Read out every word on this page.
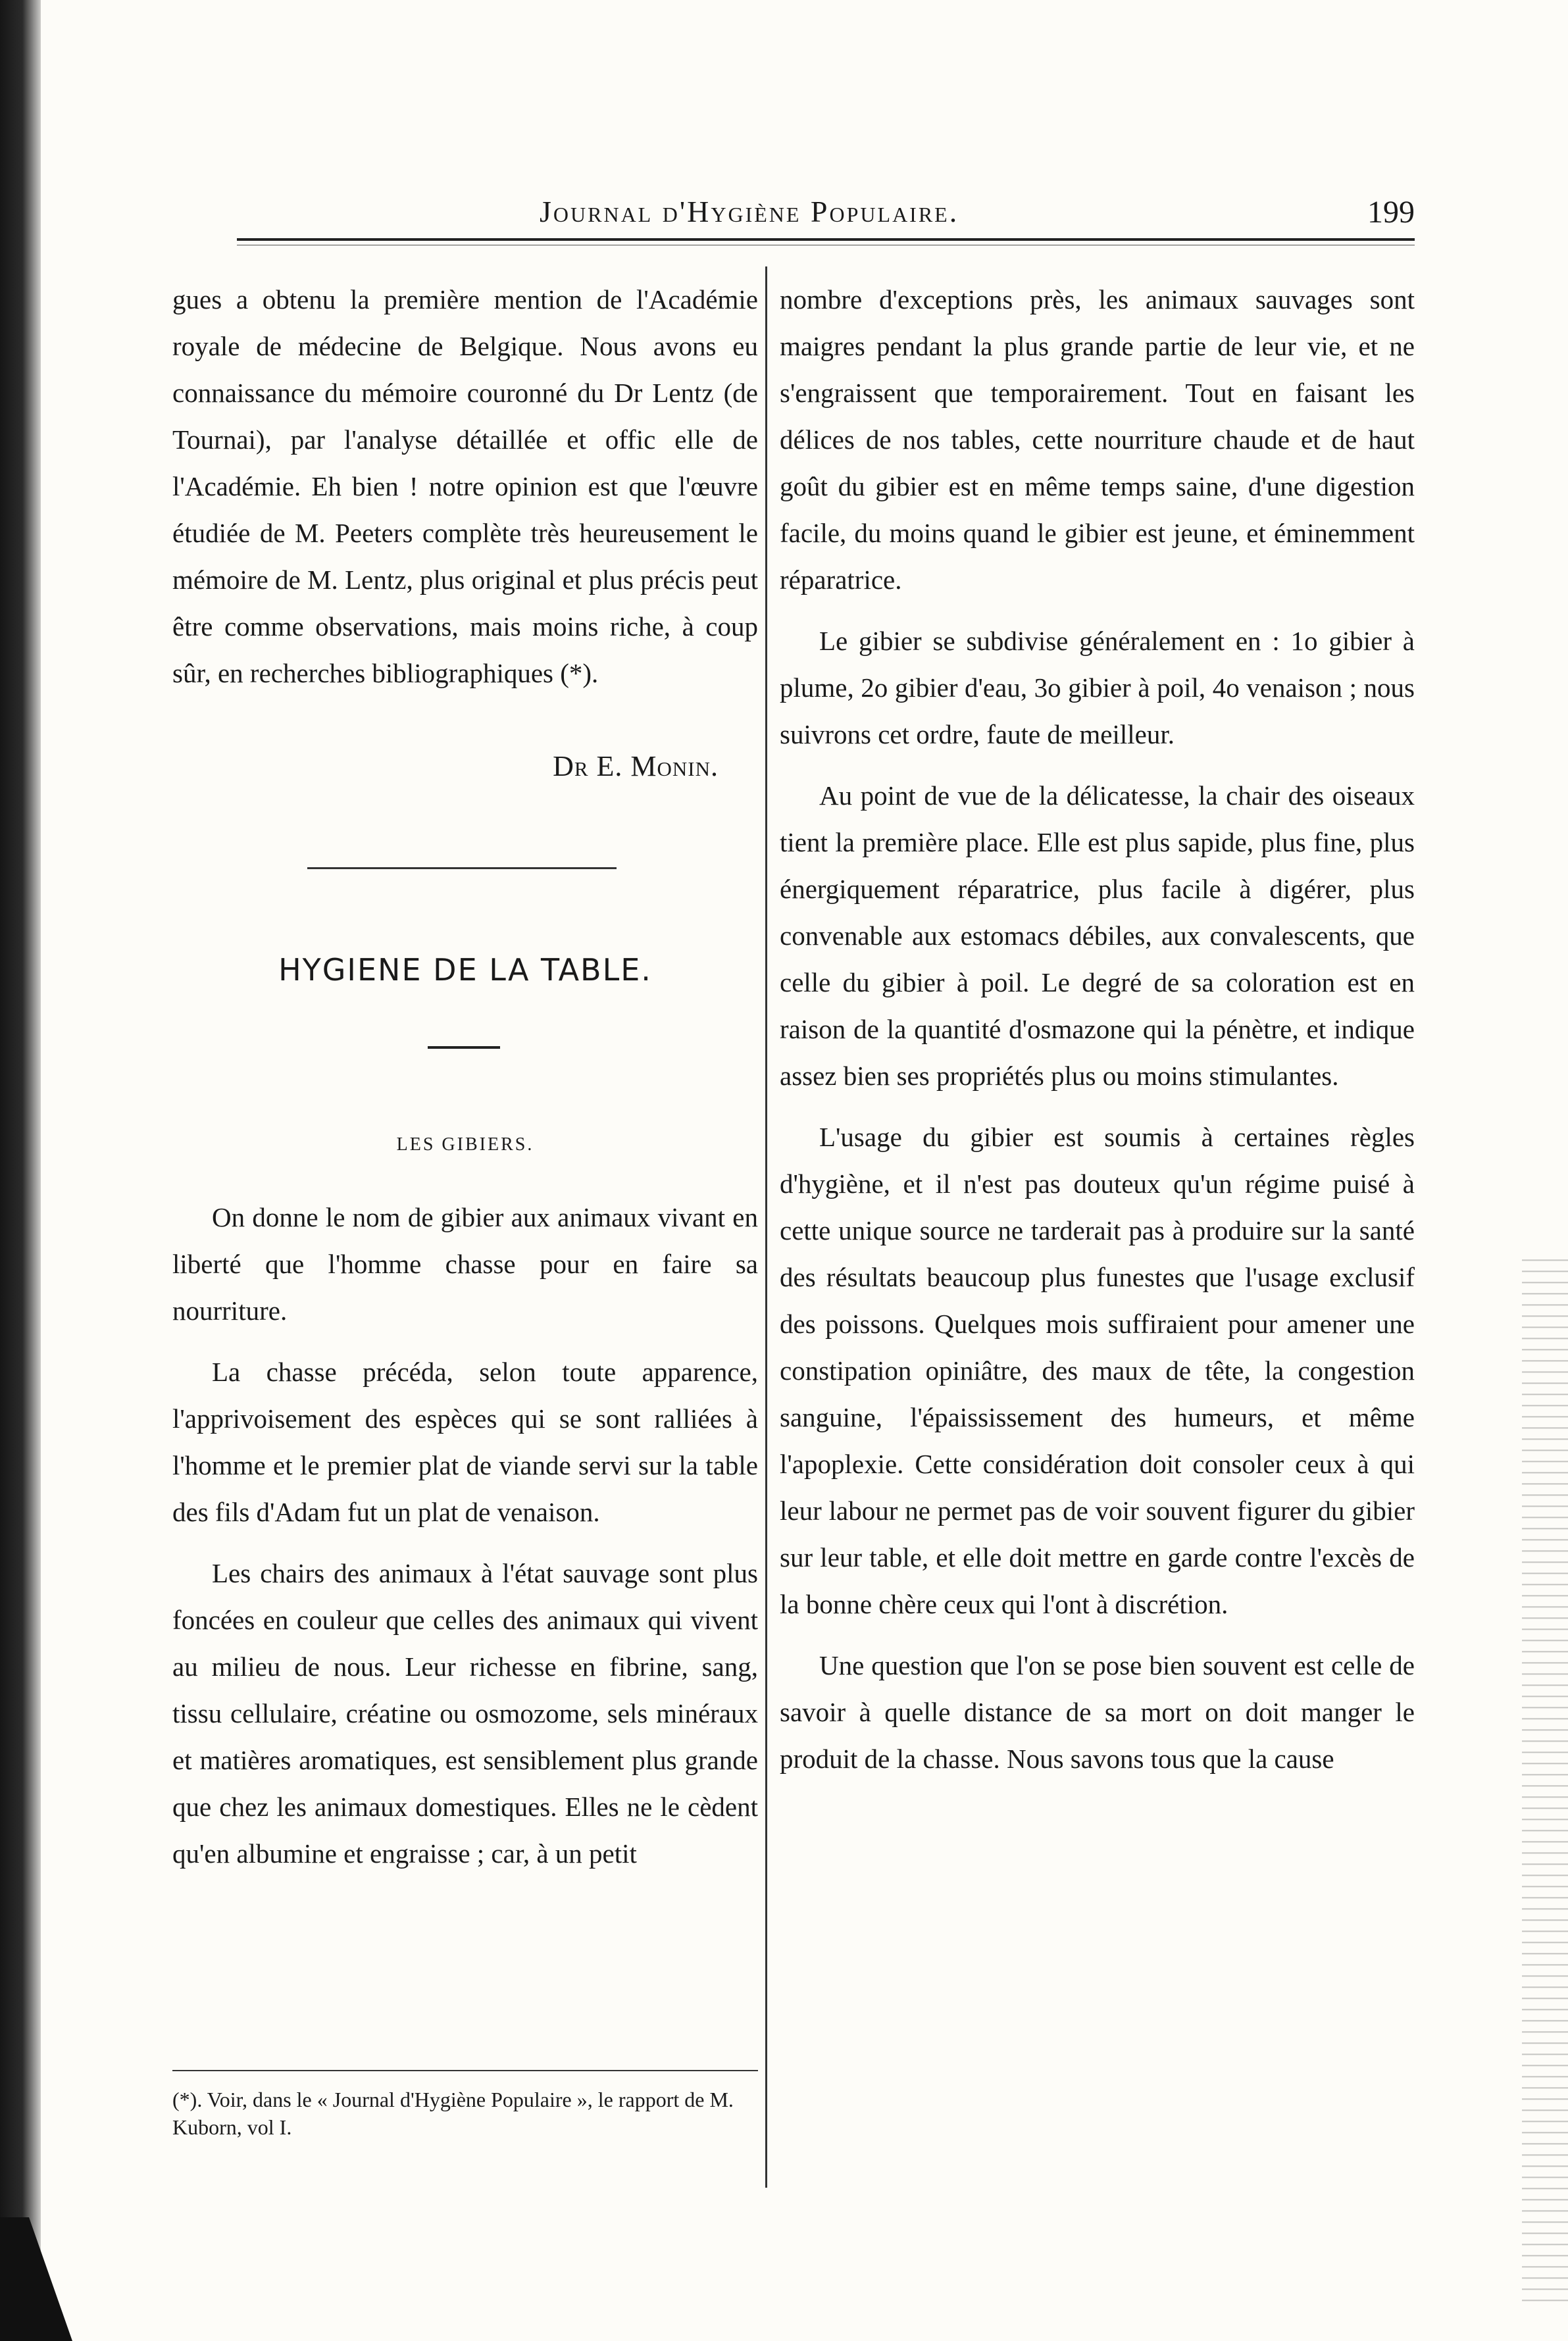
Journal d'Hygiène Populaire.	199

gues a obtenu la première mention de l'Académie royale de médecine de Belgique. Nous avons eu connaissance du mémoire couronné du Dr Lentz (de Tournai), par l'analyse détaillée et offic elle de l'Académie. Eh bien ! notre opinion est que l'œuvre étudiée de M. Peeters complète très heureusement le mémoire de M. Lentz, plus original et plus précis peut être comme observations, mais moins riche, à coup sûr, en recherches bibliographiques (*).

Dr E. Monin.

HYGIENE DE LA TABLE.

LES GIBIERS.

On donne le nom de gibier aux animaux vivant en liberté que l'homme chasse pour en faire sa nourriture.

La chasse précéda, selon toute apparence, l'apprivoisement des espèces qui se sont ralliées à l'homme et le premier plat de viande servi sur la table des fils d'Adam fut un plat de venaison.

Les chairs des animaux à l'état sauvage sont plus foncées en couleur que celles des animaux qui vivent au milieu de nous. Leur richesse en fibrine, sang, tissu cellulaire, créatine ou osmozome, sels minéraux et matières aromatiques, est sensiblement plus grande que chez les animaux domestiques. Elles ne le cèdent qu'en albumine et engraisse ; car, à un petit

(*). Voir, dans le « Journal d'Hygiène Populaire », le rapport de M. Kuborn, vol I.

nombre d'exceptions près, les animaux sauvages sont maigres pendant la plus grande partie de leur vie, et ne s'engraissent que temporairement. Tout en faisant les délices de nos tables, cette nourriture chaude et de haut goût du gibier est en même temps saine, d'une digestion facile, du moins quand le gibier est jeune, et éminemment réparatrice.

Le gibier se subdivise généralement en : 1o gibier à plume, 2o gibier d'eau, 3o gibier à poil, 4o venaison ; nous suivrons cet ordre, faute de meilleur.

Au point de vue de la délicatesse, la chair des oiseaux tient la première place. Elle est plus sapide, plus fine, plus énergiquement réparatrice, plus facile à digérer, plus convenable aux estomacs débiles, aux convalescents, que celle du gibier à poil. Le degré de sa coloration est en raison de la quantité d'osmazone qui la pénètre, et indique assez bien ses propriétés plus ou moins stimulantes.

L'usage du gibier est soumis à certaines règles d'hygiène, et il n'est pas douteux qu'un régime puisé à cette unique source ne tarderait pas à produire sur la santé des résultats beaucoup plus funestes que l'usage exclusif des poissons. Quelques mois suffiraient pour amener une constipation opiniâtre, des maux de tête, la congestion sanguine, l'épaississement des humeurs, et même l'apoplexie. Cette considération doit consoler ceux à qui leur labour ne permet pas de voir souvent figurer du gibier sur leur table, et elle doit mettre en garde contre l'excès de la bonne chère ceux qui l'ont à discrétion.

Une question que l'on se pose bien souvent est celle de savoir à quelle distance de sa mort on doit manger le produit de la chasse. Nous savons tous que la cause
